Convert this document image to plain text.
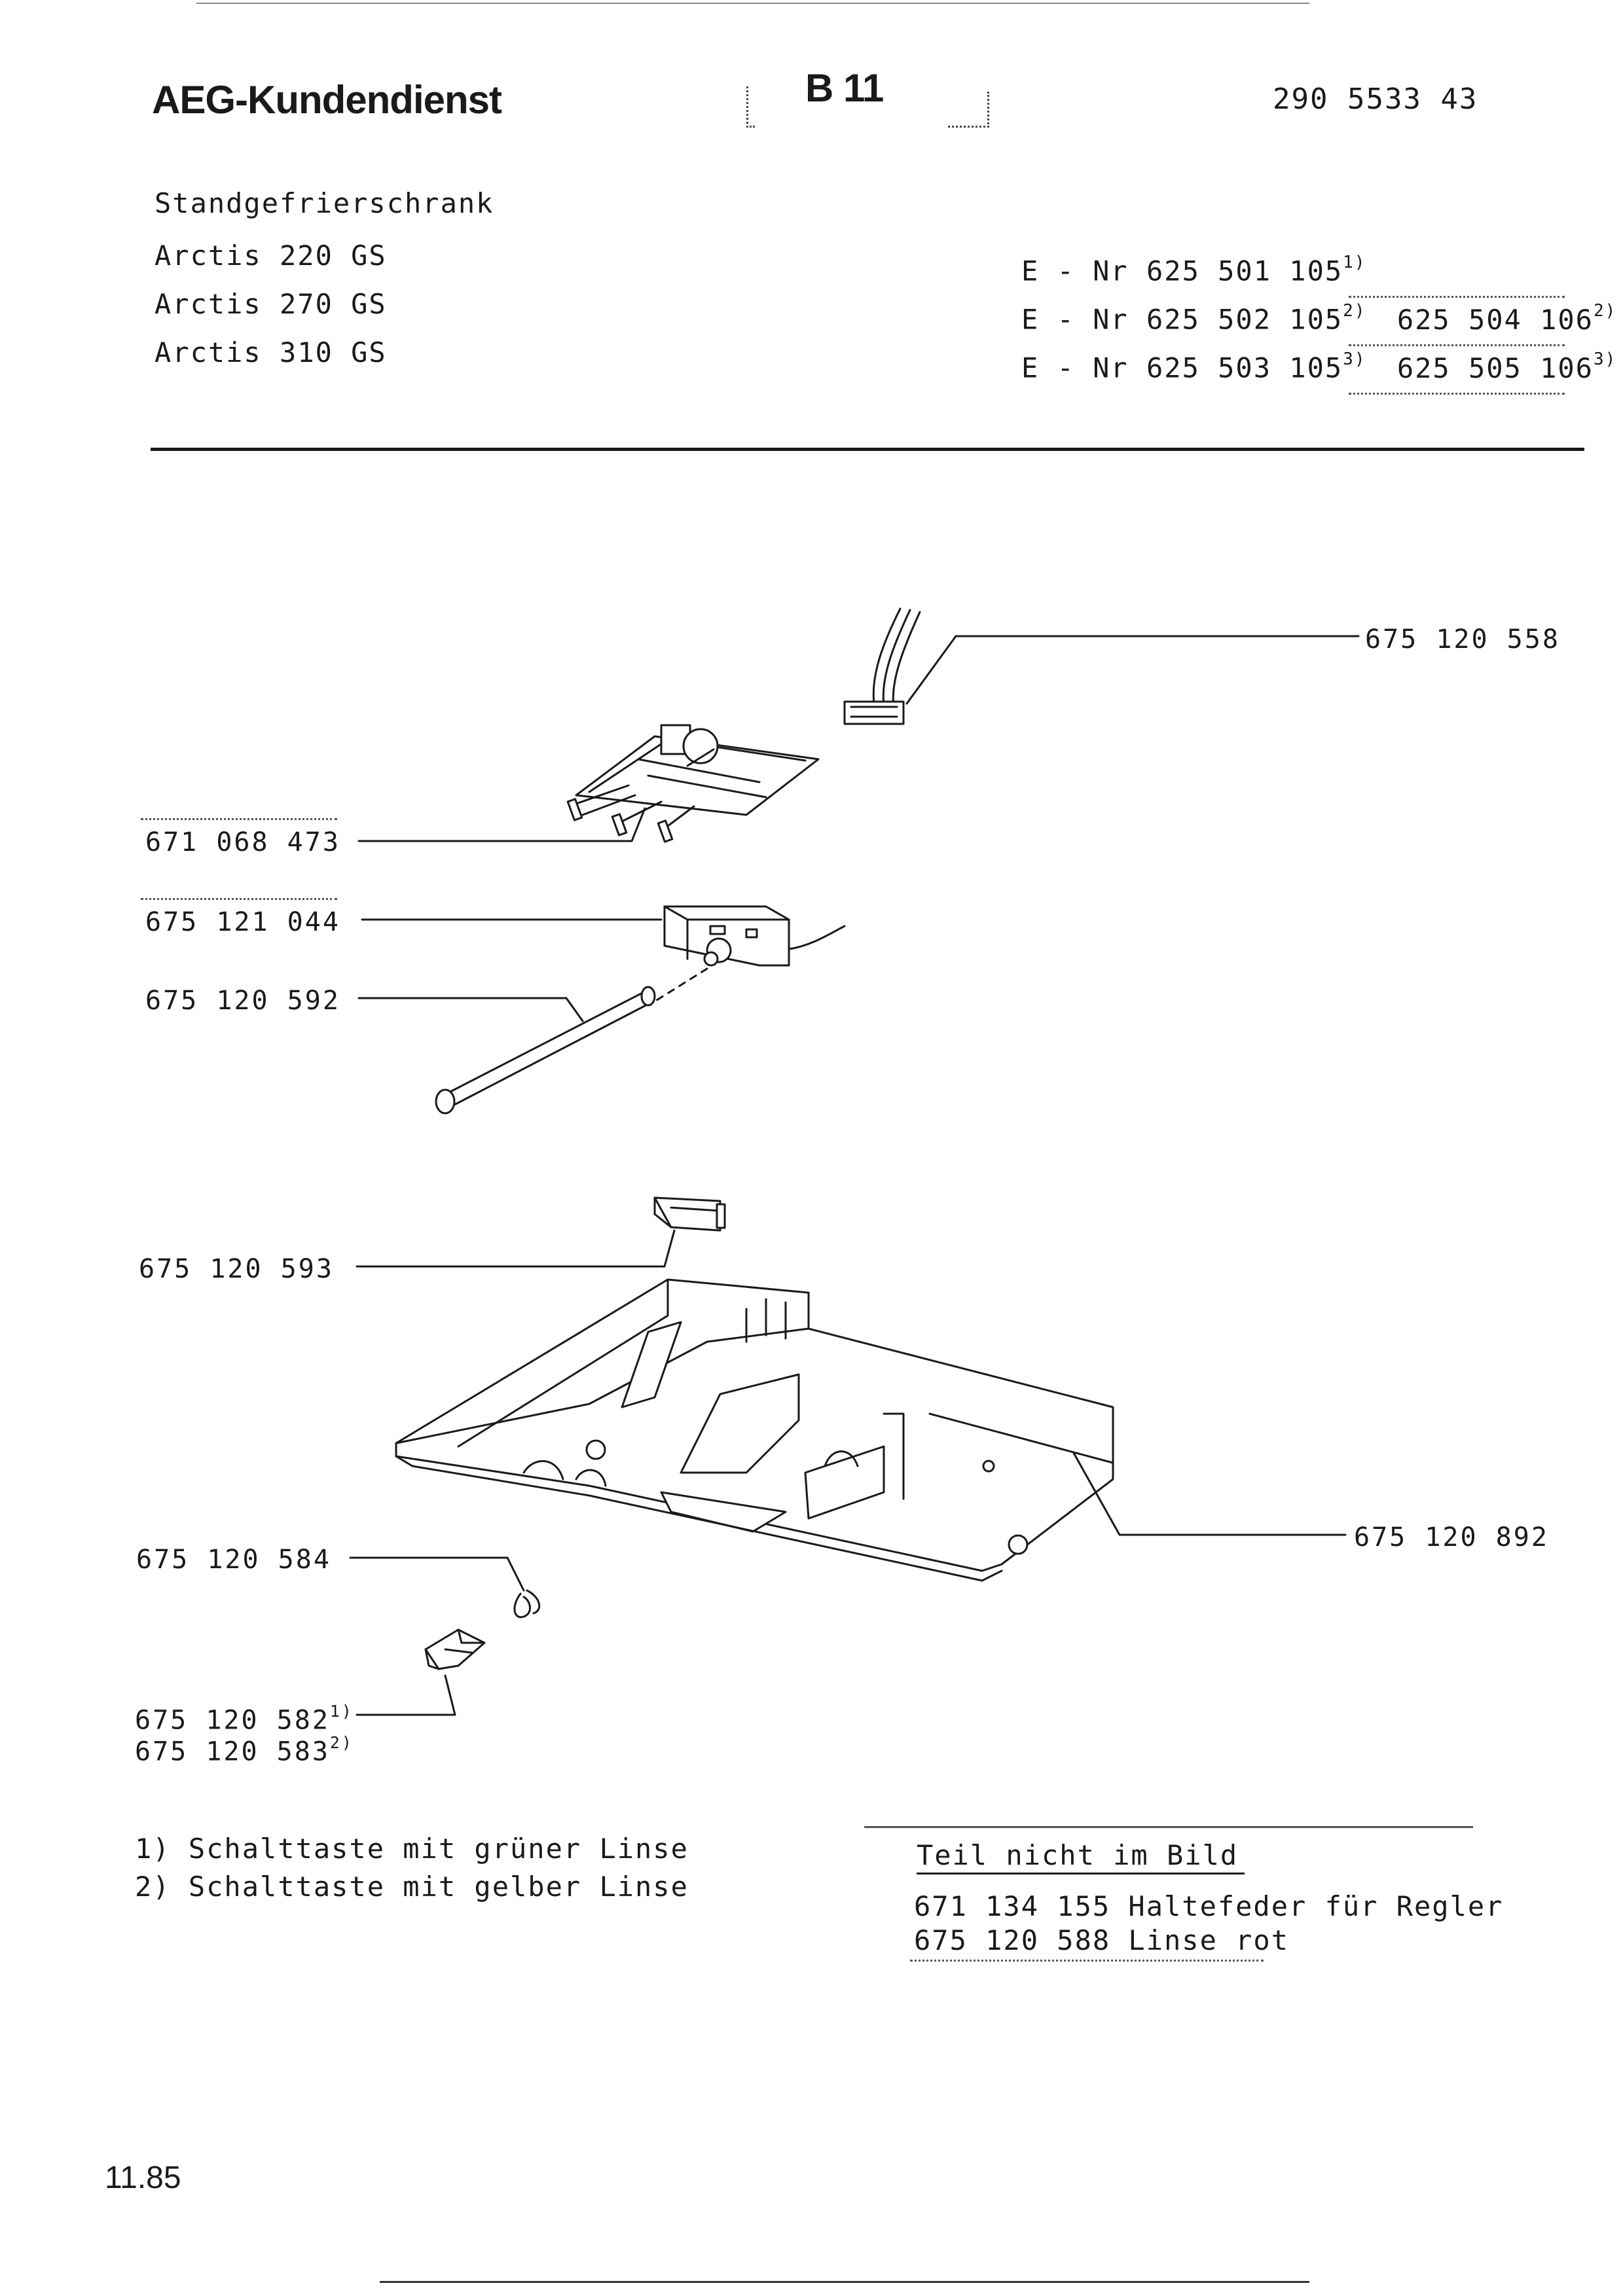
AEG-Kundendienst	B 11	290 5533 43
Standgefrierschrank
Arctis 220 GS
Arctis 270 GS
Arctis 310 GS
E - Nr 625 501 105$^{1)}$
E - Nr 625 502 105$^{2)}$ 625 504 106$^{2)}$
E - Nr 625 503 105$^{3)}$ 625 505 106$^{3)}$
675 120 558
671 068 473
675 121 044
675 120 592
675 120 593
675 120 892
675 120 584
675 120 582$^{1)}$
675 120 583$^{2)}$
1) Schalttaste mit grüner Linse
2) Schalttaste mit gelber Linse
Teil nicht im Bild
671 134 155 Haltefeder für Regler
675 120 588 Linse rot
11.85
